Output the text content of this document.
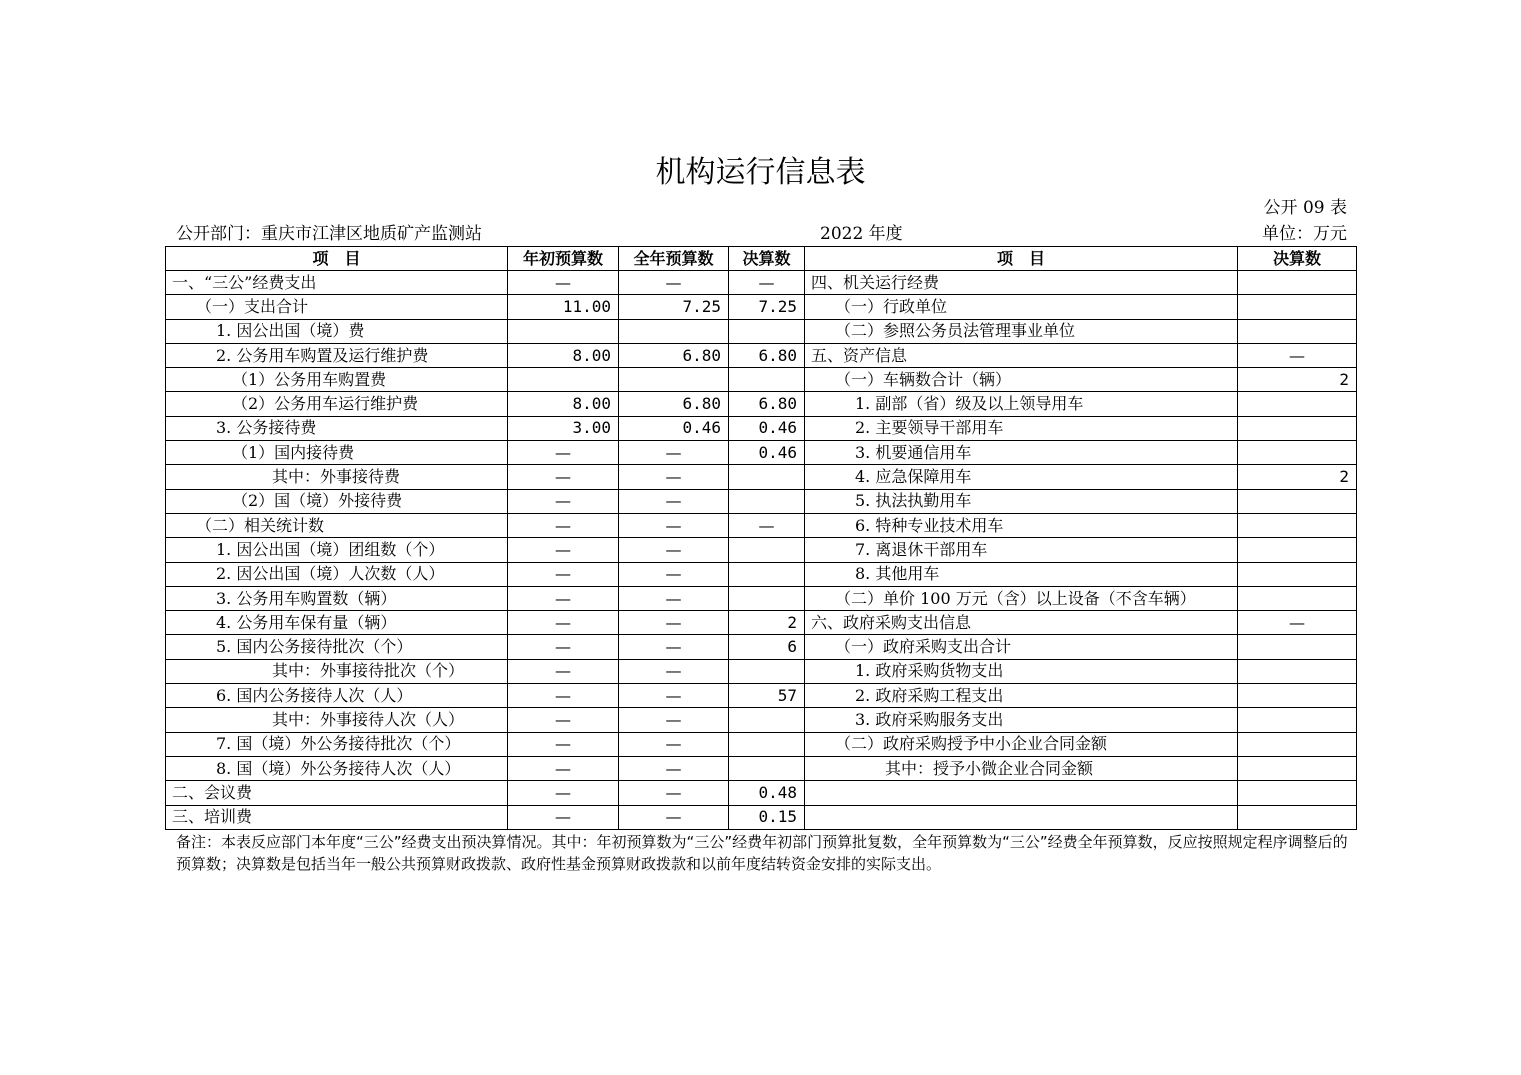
机构运行信息表
公开 09 表
公开部门：重庆市江津区地质矿产监测站	2022 年度	单位：万元
项　目	年初预算数	全年预算数	决算数	项　目	决算数
一、“三公”经费支出	—	—	—	四、机关运行经费	
（一）支出合计	11.00	7.25	7.25	（一）行政单位	
1. 因公出国（境）费				（二）参照公务员法管理事业单位	
2. 公务用车购置及运行维护费	8.00	6.80	6.80	五、资产信息	—
（1）公务用车购置费				（一）车辆数合计（辆）	2
（2）公务用车运行维护费	8.00	6.80	6.80	1. 副部（省）级及以上领导用车	
3. 公务接待费	3.00	0.46	0.46	2. 主要领导干部用车	
（1）国内接待费	—	—	0.46	3. 机要通信用车	
其中：外事接待费	—	—		4. 应急保障用车	2
（2）国（境）外接待费	—	—		5. 执法执勤用车	
（二）相关统计数	—	—	—	6. 特种专业技术用车	
1. 因公出国（境）团组数（个）	—	—		7. 离退休干部用车	
2. 因公出国（境）人次数（人）	—	—		8. 其他用车	
3. 公务用车购置数（辆）	—	—		（二）单价 100 万元（含）以上设备（不含车辆）	
4. 公务用车保有量（辆）	—	—	2	六、政府采购支出信息	—
5. 国内公务接待批次（个）	—	—	6	（一）政府采购支出合计	
其中：外事接待批次（个）	—	—		1. 政府采购货物支出	
6. 国内公务接待人次（人）	—	—	57	2. 政府采购工程支出	
其中：外事接待人次（人）	—	—		3. 政府采购服务支出	
7. 国（境）外公务接待批次（个）	—	—		（二）政府采购授予中小企业合同金额	
8. 国（境）外公务接待人次（人）	—	—		其中：授予小微企业合同金额	
二、会议费	—	—	0.48		
三、培训费	—	—	0.15		
备注：本表反应部门本年度“三公”经费支出预决算情况。其中：年初预算数为“三公”经费年初部门预算批复数，全年预算数为“三公”经费全年预算数，反应按照规定程序调整后的预算数；决算数是包括当年一般公共预算财政拨款、政府性基金预算财政拨款和以前年度结转资金安排的实际支出。
